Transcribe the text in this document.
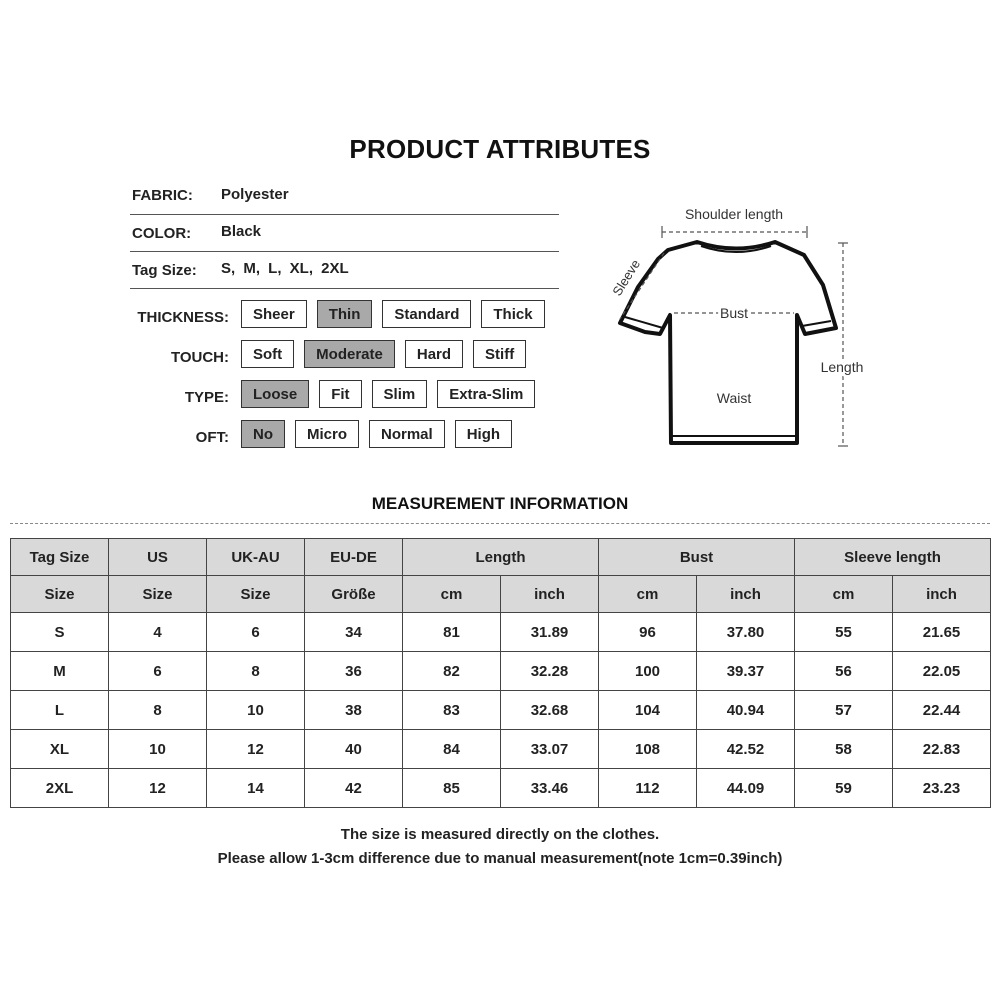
PRODUCT ATTRIBUTES
FABRIC: Polyester
COLOR: Black
Tag Size: S, M, L, XL, 2XL
THICKNESS:	Sheer	Thin	Standard	Thick
TOUCH:	Soft	Moderate	Hard	Stiff
TYPE:	Loose	Fit	Slim	Extra-Slim
OFT:	No	Micro	Normal	High
Shoulder length
Sleeve
Bust
Waist
Length
MEASUREMENT INFORMATION
Tag Size	US	UK-AU	EU-DE	Length		Bust		Sleeve length	
Size	Size	Size	Größe	cm	inch	cm	inch	cm	inch
S	4	6	34	81	31.89	96	37.80	55	21.65
M	6	8	36	82	32.28	100	39.37	56	22.05
L	8	10	38	83	32.68	104	40.94	57	22.44
XL	10	12	40	84	33.07	108	42.52	58	22.83
2XL	12	14	42	85	33.46	112	44.09	59	23.23
The size is measured directly on the clothes.
Please allow 1-3cm difference due to manual measurement(note 1cm=0.39inch)
